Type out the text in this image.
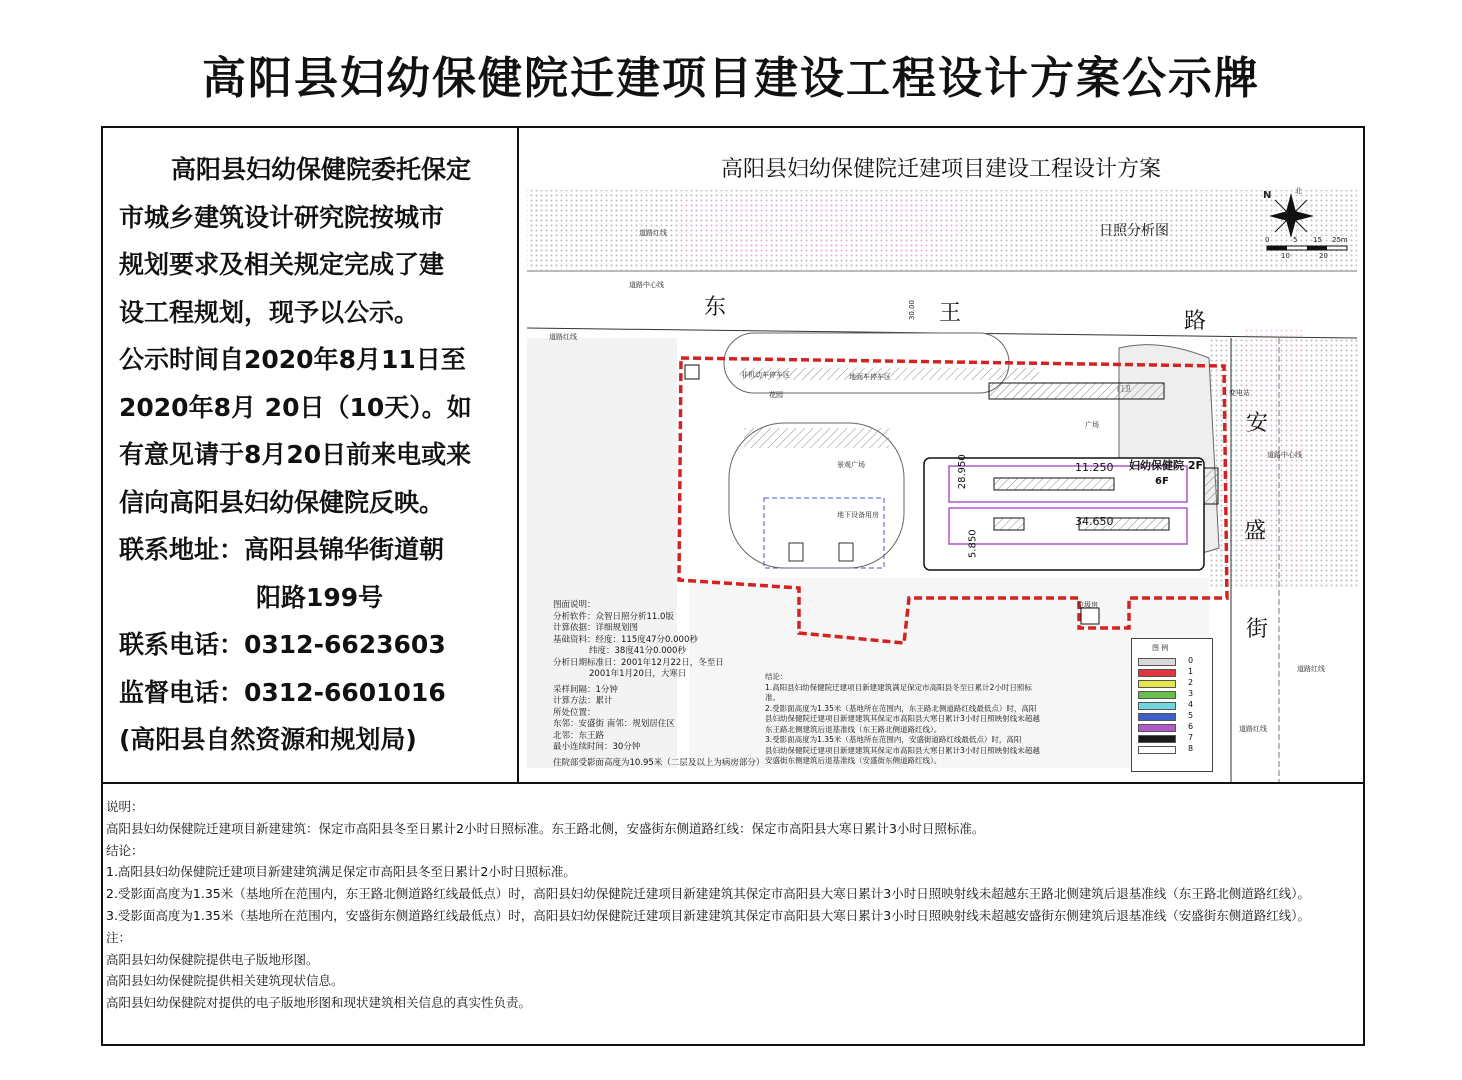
高阳县妇幼保健院迁建项目建设工程设计方案公示牌

高阳县妇幼保健院委托保定

市城乡建筑设计研究院按城市

规划要求及相关规定完成了建

设工程规划，现予以公示。

公示时间自2020年8月11日至

2020年8月 20日（10天）。如

有意见请于8月20日前来电或来

信向高阳县妇幼保健院反映。

联系地址：高阳县锦华街道朝

阳路199号

联系电话：0312-6623603

监督电话：0312-6601016

(高阳县自然资源和规划局)

高阳县妇幼保健院迁建项目建设工程设计方案
日照分析图
N	北
0	5 15 25m
10	20
东	王	路
安
盛
街
道路红线
道路中心线
道路红线
道路中心线
道路红线
道路红线
30.00
变电站
门卫
广场
地面车停车区
非机动车停车区
花园
景观广场
地下设备用房
垃圾房
妇幼保健院 2F
6F
11.250
34.650
28.950
5.850
图面说明：
分析软件：众智日照分析11.0版
计算依据：详细规划图
基础资料：经度：115度47分0.000秒
纬度：38度41分0.000秒
分析日期标准日：2001年12月22日，冬至日
2001年1月20日，大寒日
采样间隔：1分钟
计算方法：累计
所处位置：
东邻：安盛街 南邻：规划居住区
北邻：东王路
最小连续时间：30分钟
住院部受影面高度为10.95米（二层及以上为病房部分）
结论：
1.高阳县妇幼保健院迁建项目新建建筑满足保定市高阳县冬至日累计2小时日照标
准。
2.受影面高度为1.35米（基地所在范围内，东王路北侧道路红线最低点）时，高阳
县妇幼保健院迁建项目新建建筑其保定市高阳县大寒日累计3小时日照映射线未超越
东王路北侧建筑后退基准线（东王路北侧道路红线）。
3.受影面高度为1.35米（基地所在范围内，安盛街道路红线最低点）时，高阳
县妇幼保健院迁建项目新建建筑其保定市高阳县大寒日累计3小时日照映射线未超越
安盛街东侧建筑后退基准线（安盛街东侧道路红线）。
图 例
0
1
2
3
4
5
6
7
8
说明：
高阳县妇幼保健院迁建项目新建建筑：保定市高阳县冬至日累计2小时日照标准。东王路北侧，安盛街东侧道路红线：保定市高阳县大寒日累计3小时日照标准。
结论：
1.高阳县妇幼保健院迁建项目新建建筑满足保定市高阳县冬至日累计2小时日照标准。
2.受影面高度为1.35米（基地所在范围内，东王路北侧道路红线最低点）时，高阳县妇幼保健院迁建项目新建建筑其保定市高阳县大寒日累计3小时日照映射线未超越东王路北侧建筑后退基准线（东王路北侧道路红线）。
3.受影面高度为1.35米（基地所在范围内，安盛街东侧道路红线最低点）时，高阳县妇幼保健院迁建项目新建建筑其保定市高阳县大寒日累计3小时日照映射线未超越安盛街东侧建筑后退基准线（安盛街东侧道路红线）。
注：
高阳县妇幼保健院提供电子版地形图。
高阳县妇幼保健院提供相关建筑现状信息。
高阳县妇幼保健院对提供的电子版地形图和现状建筑相关信息的真实性负责。
